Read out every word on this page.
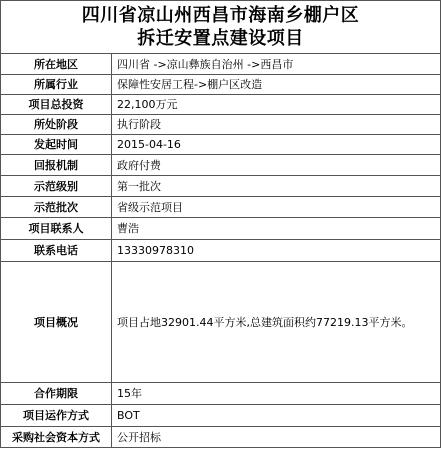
四川省凉山州西昌市海南乡棚户区
拆迁安置点建设项目
所在地区	四川省 ->凉山彝族自治州 ->西昌市
所属行业	保障性安居工程->棚户区改造
项目总投资	22,100万元
所处阶段	执行阶段
发起时间	2015-04-16
回报机制	政府付费
示范级别	第一批次
示范批次	省级示范项目
项目联系人	曹浩
联系电话	13330978310
项目概况	项目占地32901.44平方米,总建筑面积约77219.13平方米。
合作期限	15年
项目运作方式	BOT
采购社会资本方式	公开招标
